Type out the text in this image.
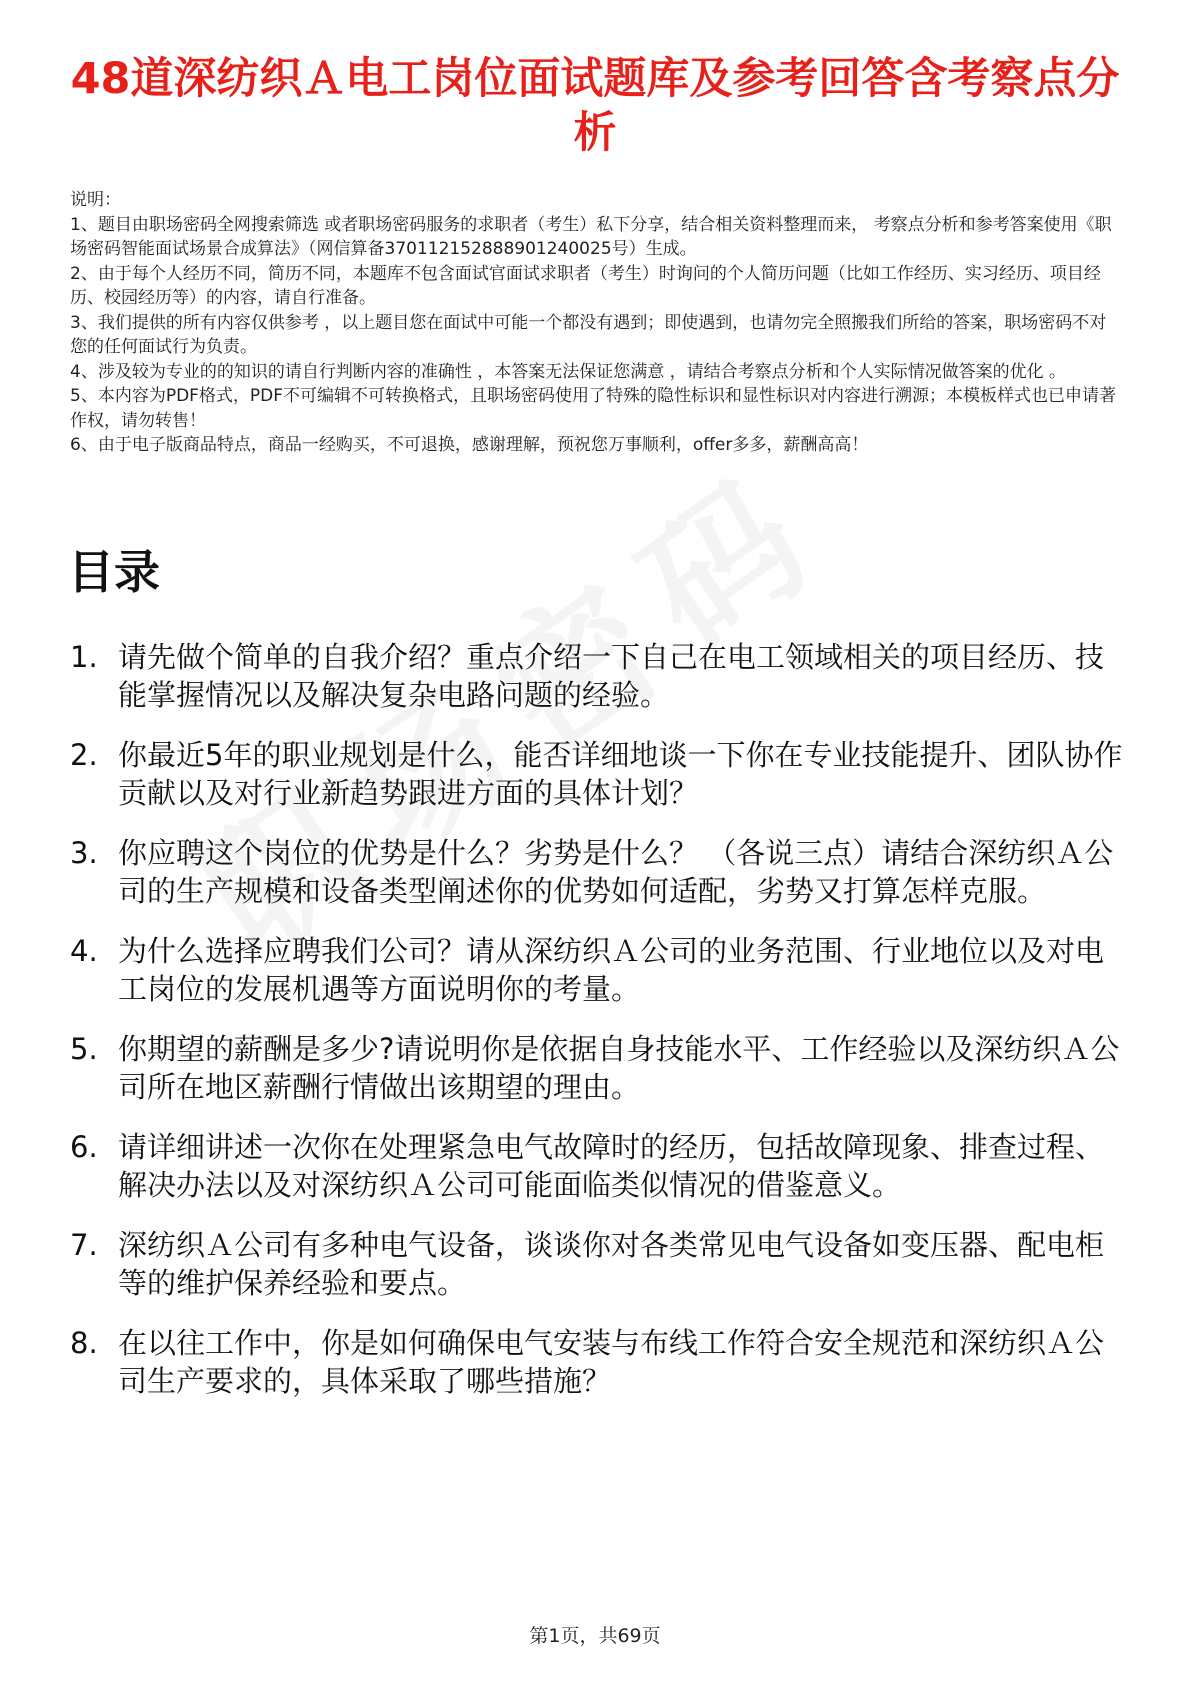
48道深纺织Ａ电工岗位面试题库及参考回答含考察点分析

说明：

1、题目由职场密码全网搜索筛选 或者职场密码服务的求职者（考生）私下分享，结合相关资料整理而来， 考察点分析和参考答案使用《职场密码智能面试场景合成算法》（网信算备370112152888901240025号）生成。

2、由于每个人经历不同，简历不同，本题库不包含面试官面试求职者（考生）时询问的个人简历问题（比如工作经历、实习经历、项目经历、校园经历等）的内容，请自行准备。

3、我们提供的所有内容仅供参考 ，以上题目您在面试中可能一个都没有遇到；即使遇到，也请勿完全照搬我们所给的答案，职场密码不对您的任何面试行为负责。

4、涉及较为专业的的知识的请自行判断内容的准确性 ，本答案无法保证您满意 ，请结合考察点分析和个人实际情况做答案的优化 。

5、本内容为PDF格式，PDF不可编辑不可转换格式，且职场密码使用了特殊的隐性标识和显性标识对内容进行溯源；本模板样式也已申请著作权，请勿转售！

6、由于电子版商品特点，商品一经购买，不可退换，感谢理解，预祝您万事顺利，offer多多，薪酬高高！

目录
1. 请先做个简单的自我介绍？重点介绍一下自己在电工领域相关的项目经历、技能掌握情况以及解决复杂电路问题的经验。
2. 你最近5年的职业规划是什么，能否详细地谈一下你在专业技能提升、团队协作贡献以及对行业新趋势跟进方面的具体计划？
3. 你应聘这个岗位的优势是什么？劣势是什么？ （各说三点）请结合深纺织Ａ公司的生产规模和设备类型阐述你的优势如何适配，劣势又打算怎样克服。
4. 为什么选择应聘我们公司？请从深纺织Ａ公司的业务范围、行业地位以及对电工岗位的发展机遇等方面说明你的考量。
5. 你期望的薪酬是多少?请说明你是依据自身技能水平、工作经验以及深纺织Ａ公司所在地区薪酬行情做出该期望的理由。
6. 请详细讲述一次你在处理紧急电气故障时的经历，包括故障现象、排查过程、解决办法以及对深纺织Ａ公司可能面临类似情况的借鉴意义。
7. 深纺织Ａ公司有多种电气设备，谈谈你对各类常见电气设备如变压器、配电柜等的维护保养经验和要点。
8. 在以往工作中，你是如何确保电气安装与布线工作符合安全规范和深纺织Ａ公司生产要求的，具体采取了哪些措施？
第1页，共69页
